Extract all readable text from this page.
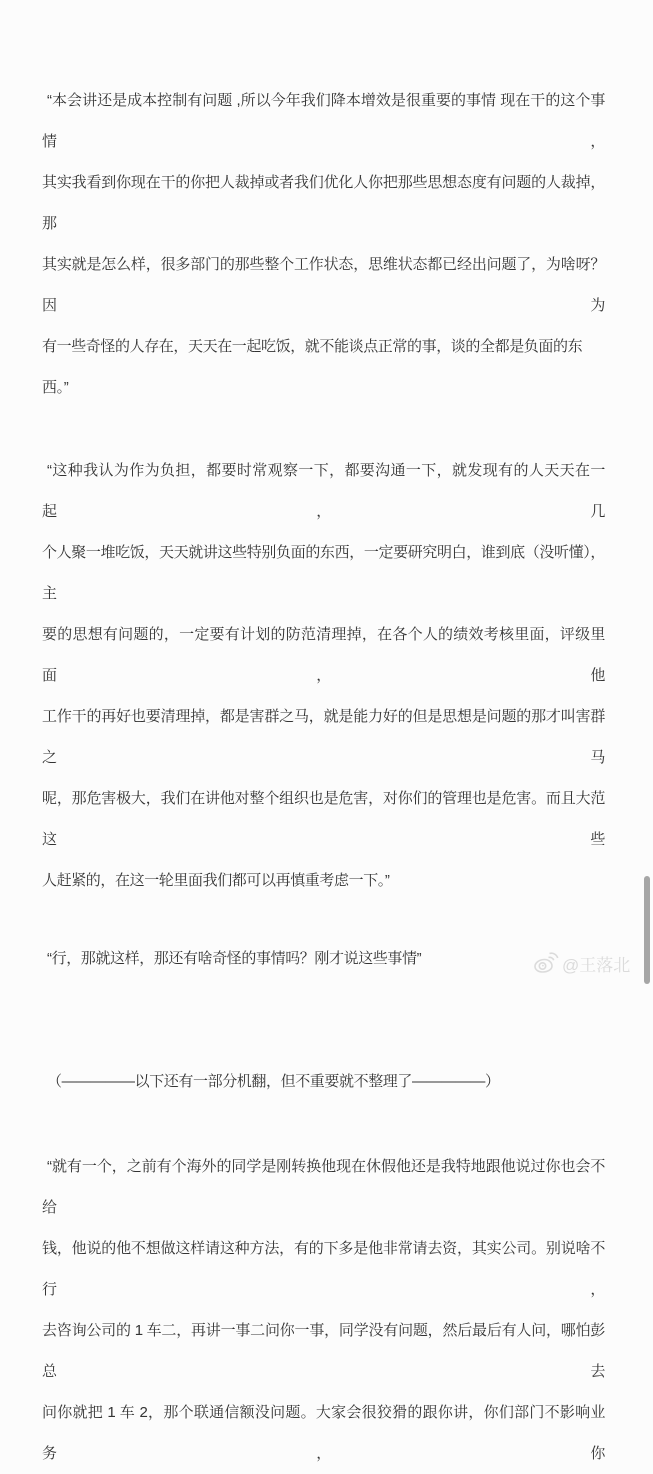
“本会讲还是成本控制有问题 ,所以今年我们降本增效是很重要的事情 现在干的这个事情，
其实我看到你现在干的你把人裁掉或者我们优化人你把那些思想态度有问题的人裁掉，那
其实就是怎么样，很多部门的那些整个工作状态，思维状态都已经出问题了，为啥呀？因为
有一些奇怪的人存在，天天在一起吃饭，就不能谈点正常的事，谈的全都是负面的东西。”
“这种我认为作为负担，都要时常观察一下，都要沟通一下，就发现有的人天天在一起，几
个人聚一堆吃饭，天天就讲这些特别负面的东西，一定要研究明白，谁到底（没听懂），主
要的思想有问题的，一定要有计划的防范清理掉，在各个人的绩效考核里面，评级里面，他
工作干的再好也要清理掉，都是害群之马，就是能力好的但是思想是问题的那才叫害群之马
呢，那危害极大，我们在讲他对整个组织也是危害，对你们的管理也是危害。而且大范这些
人赶紧的，在这一轮里面我们都可以再慎重考虑一下。”
“行，那就这样，那还有啥奇怪的事情吗？刚才说这些事情”
（—————以下还有一部分机翻，但不重要就不整理了—————）
“就有一个，之前有个海外的同学是刚转换他现在休假他还是我特地跟他说过你也会不给
钱，他说的他不想做这样请这种方法，有的下多是他非常请去资，其实公司。别说啥不行，
去咨询公司的 1 车二，再讲一事二问你一事，同学没有问题，然后最后有人问，哪怕彭总去
问你就把 1 车 2，那个联通信额没问题。大家会很狡猾的跟你讲，你们部门不影响业务，你
@王落北
